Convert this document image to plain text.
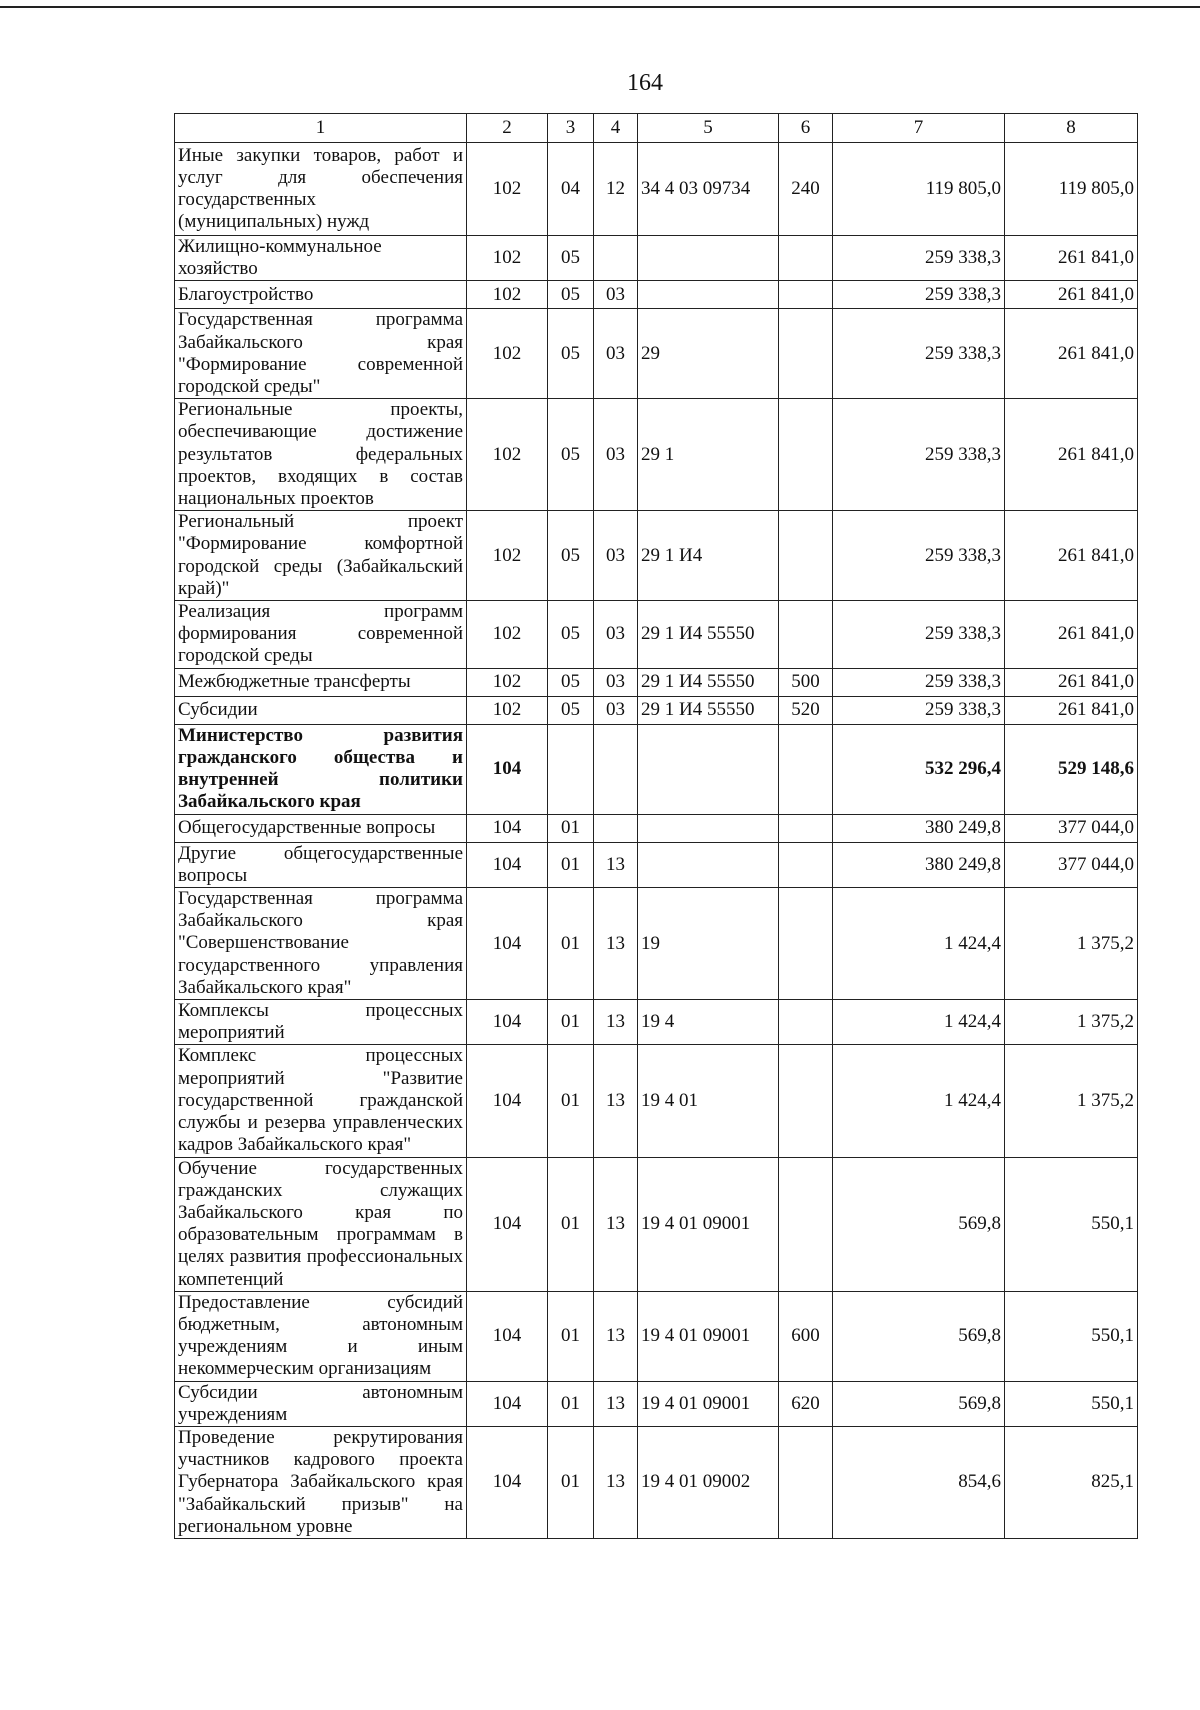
164
1	2	3	4	5	6	7	8
Иные закупки товаров, работ и услуг для обеспечения государственных (муниципальных) нужд	102	04	12	34 4 03 09734	240	119 805,0	119 805,0
Жилищно-коммунальное хозяйство	102	05				259 338,3	261 841,0
Благоустройство	102	05	03			259 338,3	261 841,0
Государственная программа Забайкальского края "Формирование современной городской среды"	102	05	03	29		259 338,3	261 841,0
Региональные проекты, обеспечивающие достижение результатов федеральных проектов, входящих в состав национальных проектов	102	05	03	29 1		259 338,3	261 841,0
Региональный проект "Формирование комфортной городской среды (Забайкальский край)"	102	05	03	29 1 И4		259 338,3	261 841,0
Реализация программ формирования современной городской среды	102	05	03	29 1 И4 55550		259 338,3	261 841,0
Межбюджетные трансферты	102	05	03	29 1 И4 55550	500	259 338,3	261 841,0
Субсидии	102	05	03	29 1 И4 55550	520	259 338,3	261 841,0
Министерство развития гражданского общества и внутренней политики Забайкальского края	104					532 296,4	529 148,6
Общегосударственные вопросы	104	01				380 249,8	377 044,0
Другие общегосударственные вопросы	104	01	13			380 249,8	377 044,0
Государственная программа Забайкальского края "Совершенствование государственного управления Забайкальского края"	104	01	13	19		1 424,4	1 375,2
Комплексы процессных мероприятий	104	01	13	19 4		1 424,4	1 375,2
Комплекс процессных мероприятий "Развитие государственной гражданской службы и резерва управленческих кадров Забайкальского края"	104	01	13	19 4 01		1 424,4	1 375,2
Обучение государственных гражданских служащих Забайкальского края по образовательным программам в целях развития профессиональных компетенций	104	01	13	19 4 01 09001		569,8	550,1
Предоставление субсидий бюджетным, автономным учреждениям и иным некоммерческим организациям	104	01	13	19 4 01 09001	600	569,8	550,1
Субсидии автономным учреждениям	104	01	13	19 4 01 09001	620	569,8	550,1
Проведение рекрутирования участников кадрового проекта Губернатора Забайкальского края "Забайкальский призыв" на региональном уровне	104	01	13	19 4 01 09002		854,6	825,1
